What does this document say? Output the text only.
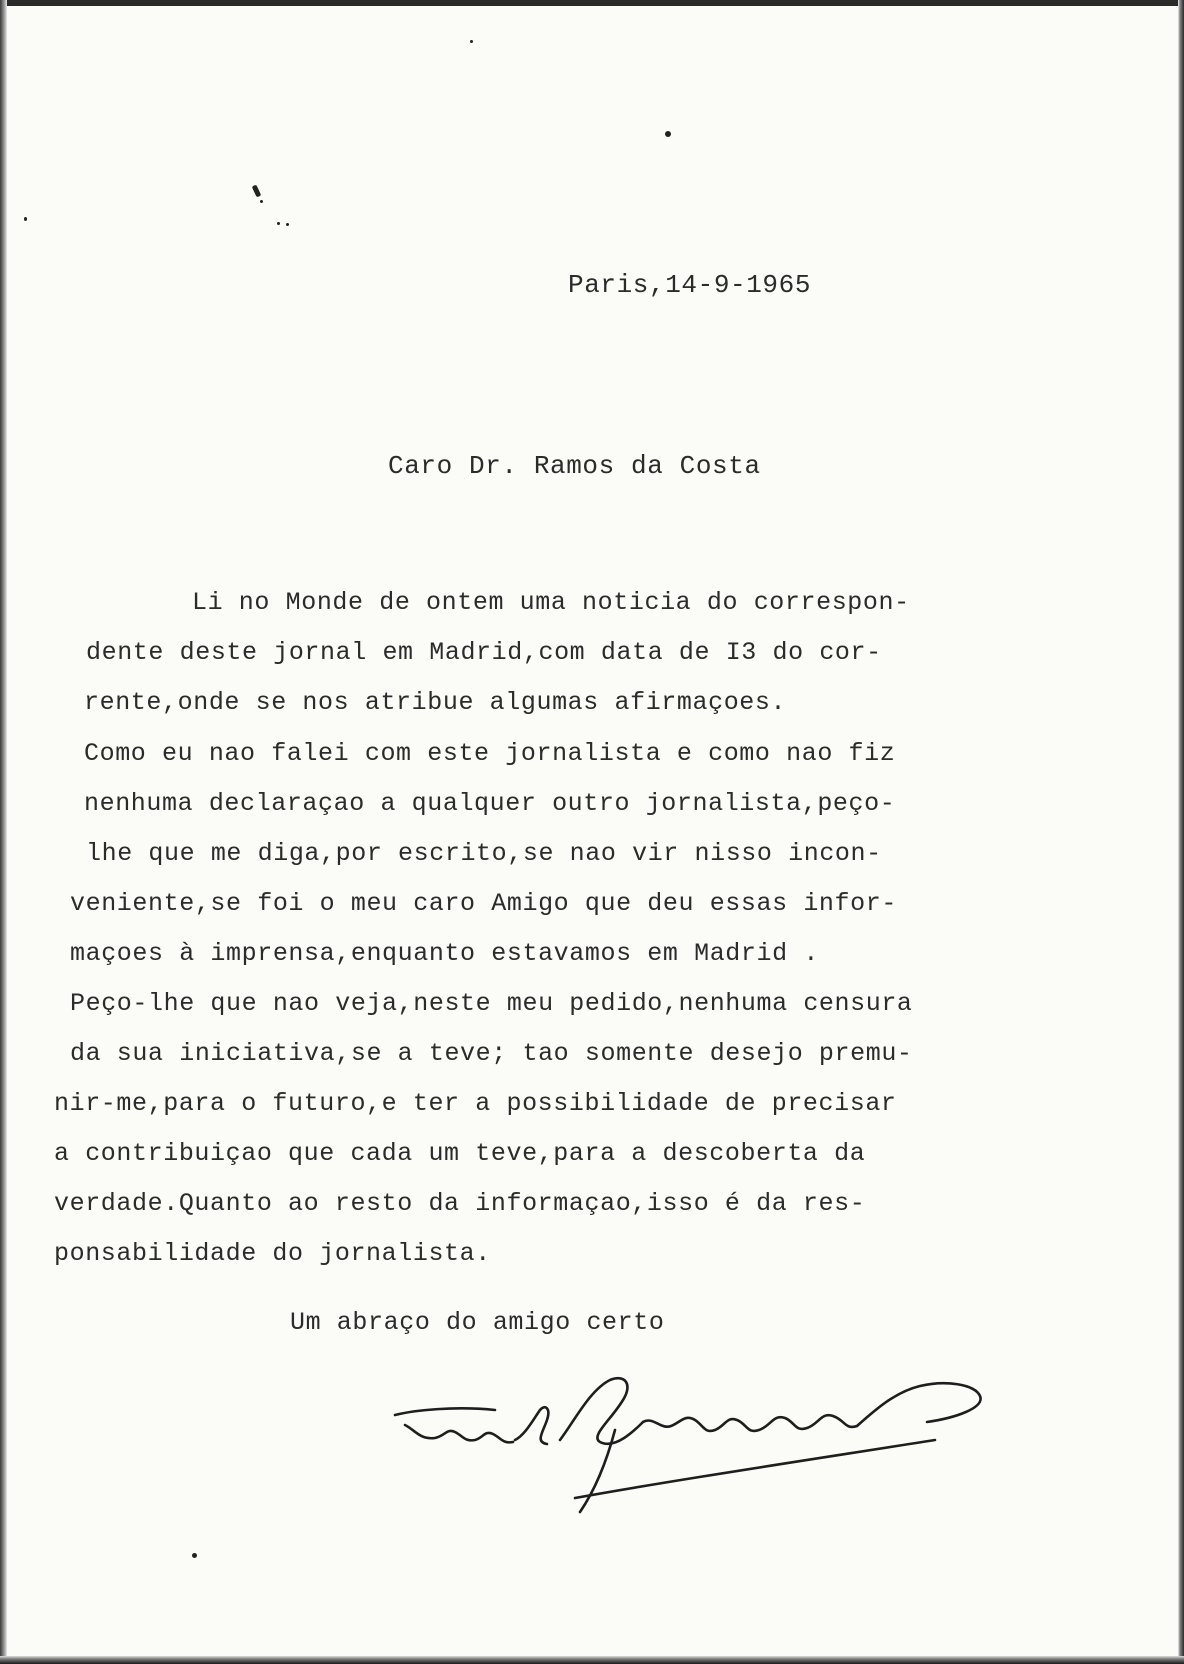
Paris,14-9-1965
Caro Dr. Ramos da Costa
Li no Monde de ontem uma noticia do correspon-
dente deste jornal em Madrid,com data de I3 do cor-
rente,onde se nos atribue algumas afirmaçoes.
Como eu nao falei com este jornalista e como nao fiz
nenhuma declaraçao a qualquer outro jornalista,peço-
lhe que me diga,por escrito,se nao vir nisso incon-
veniente,se foi o meu caro Amigo que deu essas infor-
maçoes à imprensa,enquanto estavamos em Madrid .
Peço-lhe que nao veja,neste meu pedido,nenhuma censura
da sua iniciativa,se a teve; tao somente desejo premu-
nir-me,para o futuro,e ter a possibilidade de precisar
a contribuiçao que cada um teve,para a descoberta da
verdade.Quanto ao resto da informaçao,isso é da res-
ponsabilidade do jornalista.
Um abraço do amigo certo
